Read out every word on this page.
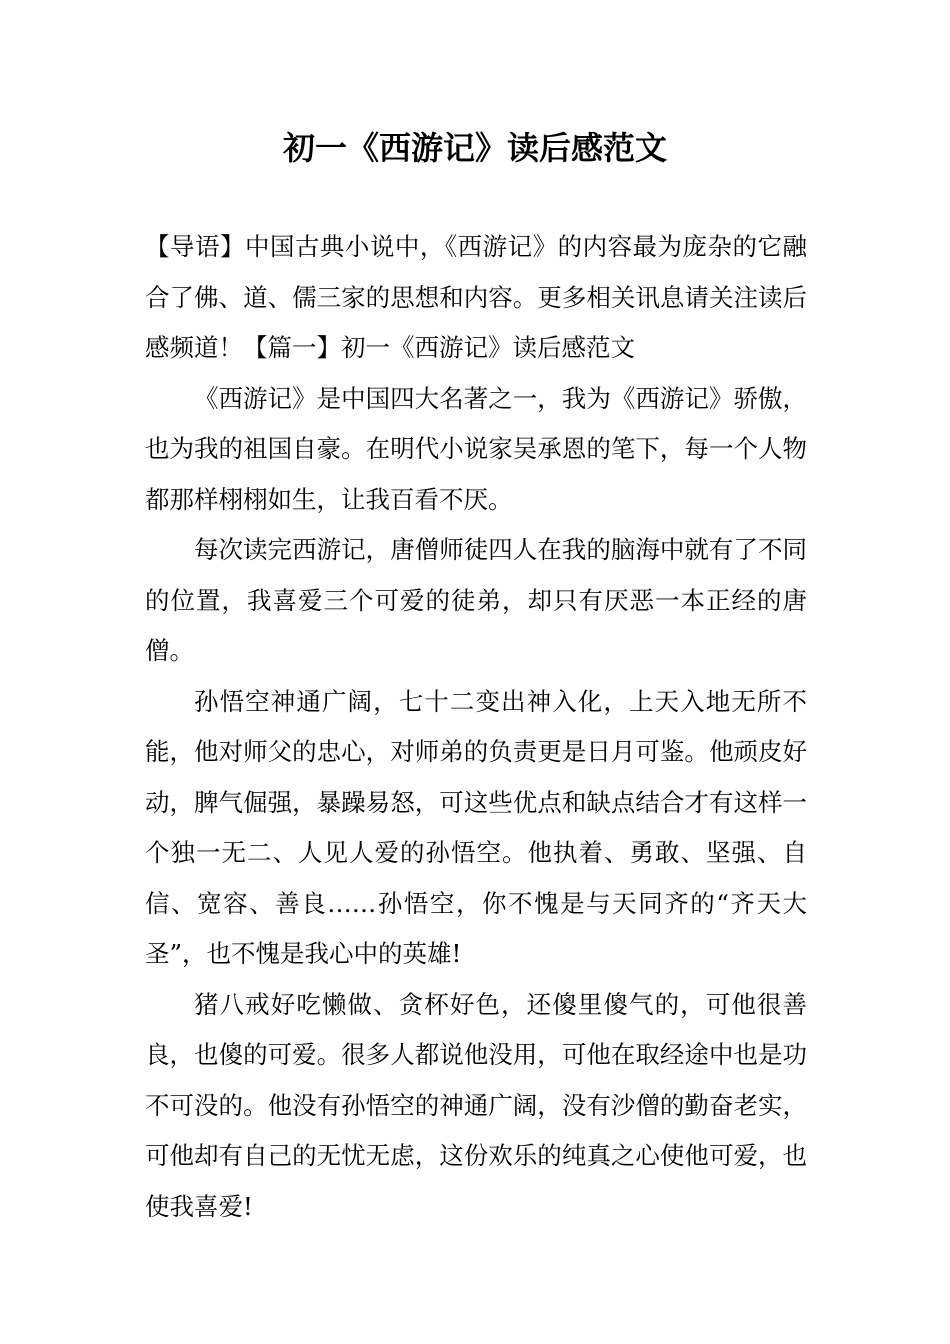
初一《西游记》读后感范文

【导语】中国古典小说中，《西游记》的内容最为庞杂的它融合了佛、道、儒三家的思想和内容。更多相关讯息请关注读后感频道！【篇一】初一《西游记》读后感范文

《西游记》是中国四大名著之一，我为《西游记》骄傲，也为我的祖国自豪。在明代小说家吴承恩的笔下，每一个人物都那样栩栩如生，让我百看不厌。

每次读完西游记，唐僧师徒四人在我的脑海中就有了不同的位置，我喜爱三个可爱的徒弟，却只有厌恶一本正经的唐僧。

孙悟空神通广阔，七十二变出神入化，上天入地无所不能，他对师父的忠心，对师弟的负责更是日月可鉴。他顽皮好动，脾气倔强，暴躁易怒，可这些优点和缺点结合才有这样一个独一无二、人见人爱的孙悟空。他执着、勇敢、坚强、自信、宽容、善良……孙悟空，你不愧是与天同齐的“齐天大圣”，也不愧是我心中的英雄!

猪八戒好吃懒做、贪杯好色，还傻里傻气的，可他很善良，也傻的可爱。很多人都说他没用，可他在取经途中也是功不可没的。他没有孙悟空的神通广阔，没有沙僧的勤奋老实，可他却有自己的无忧无虑，这份欢乐的纯真之心使他可爱，也使我喜爱!
